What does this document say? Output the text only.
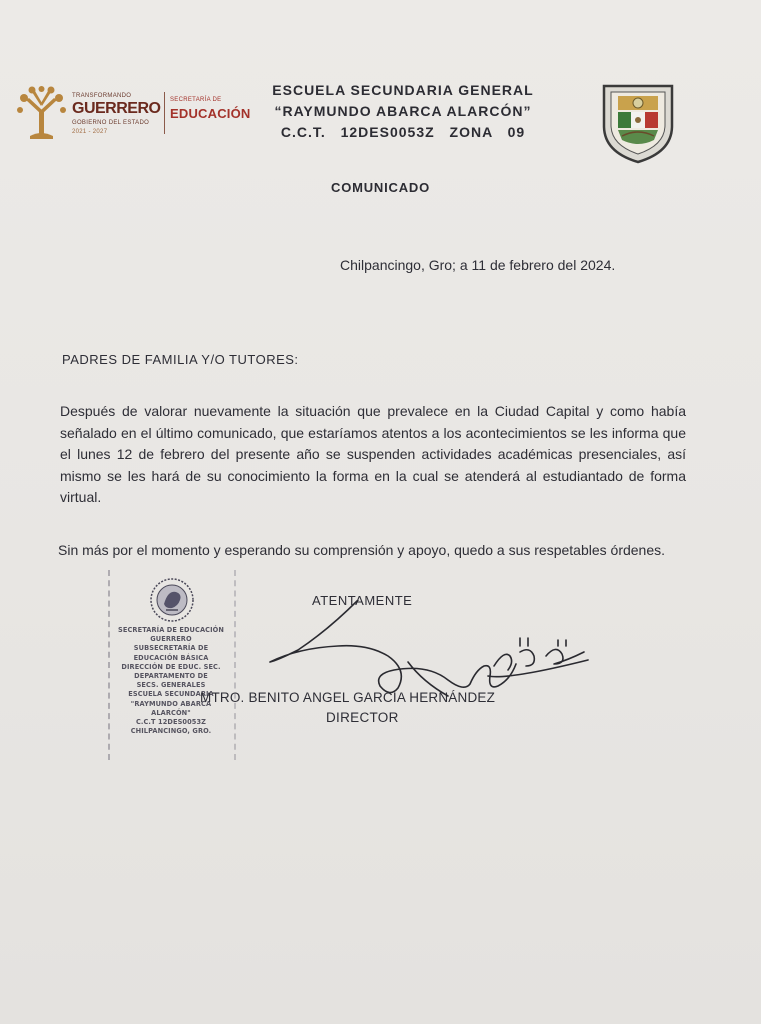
TRANSFORMANDO
GUERRERO
GOBIERNO DEL ESTADO
2021 - 2027
SECRETARÍA DE
EDUCACIÓN
ESCUELA SECUNDARIA GENERAL
“RAYMUNDO ABARCA ALARCÓN”
C.C.T. 12DES0053Z ZONA 09
COMUNICADO
Chilpancingo, Gro; a 11 de febrero del 2024.
PADRES DE FAMILIA Y/O TUTORES:
Después de valorar nuevamente la situación que prevalece en la Ciudad Capital y como había señalado en el último comunicado, que estaríamos atentos a los acontecimientos se les informa que el lunes 12 de febrero del presente año se suspenden actividades académicas presenciales, así mismo se les hará de su conocimiento la forma en la cual se atenderá al estudiantado de forma virtual.
Sin más por el momento y esperando su comprensión y apoyo, quedo a sus respetables órdenes.
SECRETARÍA DE EDUCACIÓN
GUERRERO
SUBSECRETARÍA DE
EDUCACIÓN BÁSICA
DIRECCIÓN DE EDUC. SEC.
DEPARTAMENTO DE
SECS. GENERALES
ESCUELA SECUNDARIA
"RAYMUNDO ABARCA
ALARCÓN"
C.C.T 12DES0053Z
CHILPANCINGO, GRO.
ATENTAMENTE
MTRO. BENITO ANGEL GARCÍA HERNÁNDEZ
DIRECTOR
